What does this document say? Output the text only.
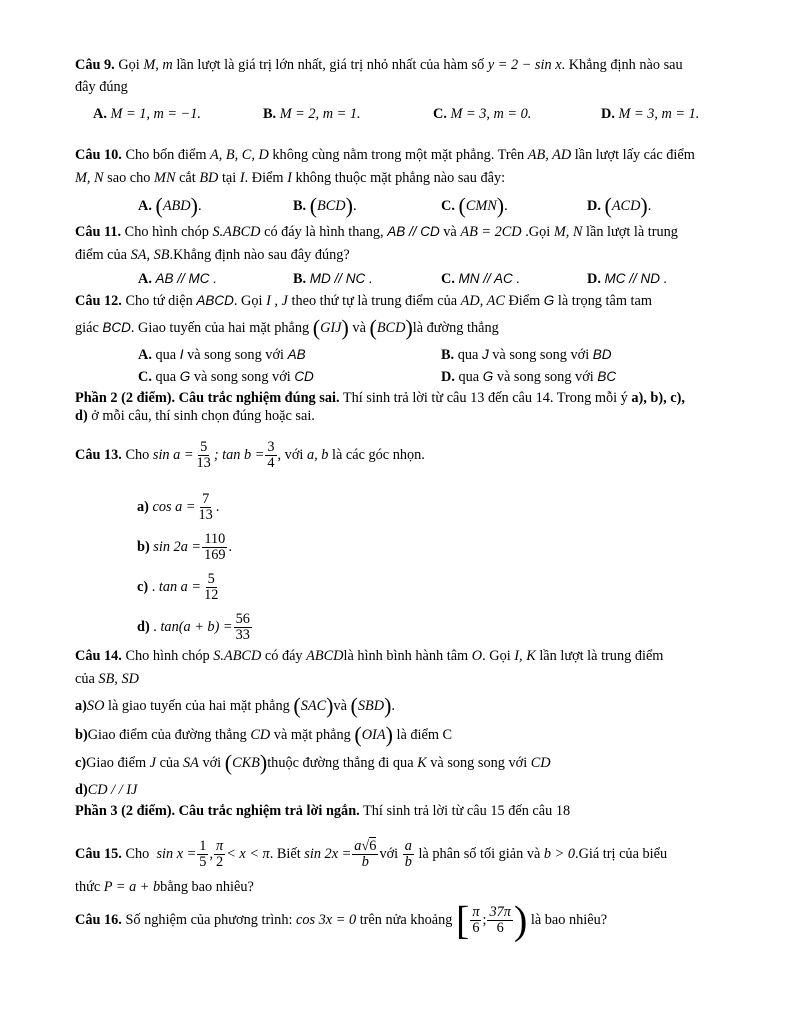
Câu 9. Gọi M, m lần lượt là giá trị lớn nhất, giá trị nhỏ nhất của hàm số y = 2 − sin x. Khẳng định nào sau
đây đúng
A. M = 1, m = −1.	B. M = 2, m = 1.	C. M = 3, m = 0.	D. M = 3, m = 1.
Câu 10. Cho bốn điểm A, B, C, D không cùng nằm trong một mặt phẳng. Trên AB, AD lần lượt lấy các điểm
M, N sao cho MN cắt BD tại I. Điểm I không thuộc mặt phẳng nào sau đây:
A. (ABD).	B. (BCD).	C. (CMN).	D. (ACD).
Câu 11. Cho hình chóp S.ABCD có đáy là hình thang, AB // CD và AB = 2CD .Gọi M, N lần lượt là trung
điểm của SA, SB.Khẳng định nào sau đây đúng?
A. AB // MC .	B. MD // NC .	C. MN // AC .	D. MC // ND .
Câu 12. Cho tứ diện ABCD. Gọi I , J theo thứ tự là trung điểm của AD, AC Điểm G là trọng tâm tam
giác BCD. Giao tuyến của hai mặt phẳng (GIJ) và (BCD)là đường thẳng
A. qua I và song song với AB	B. qua J và song song với BD
C. qua G và song song với CD	D. qua G và song song với BC
Phần 2 (2 điểm). Câu trắc nghiệm đúng sai. Thí sinh trả lời từ câu 13 đến câu 14. Trong mỗi ý a), b), c),
d) ở mỗi câu, thí sinh chọn đúng hoặc sai.
Câu 13. Cho $\sin a = \frac{5}{13}$ ; $\tan b = \frac{3}{4}$ , với a, b là các góc nhọn.
a) $\cos a = \frac{7}{13}$ .
b) $\sin 2a = \frac{110}{169}$ .
c) . $\tan a = \frac{5}{12}$
d) . $\tan(a + b) = \frac{56}{33}$
Câu 14. Cho hình chóp S.ABCD có đáy ABCDlà hình bình hành tâm O. Gọi I, K lần lượt là trung điểm
của SB, SD
a)SO là giao tuyến của hai mặt phẳng (SAC)và (SBD).
b)Giao điểm của đường thẳng CD và mặt phẳng (OIA) là điểm C
c)Giao điểm J của SA với (CKB)thuộc đường thẳng đi qua K và song song với CD
d)CD / / IJ
Phần 3 (2 điểm). Câu trắc nghiệm trả lời ngắn. Thí sinh trả lời từ câu 15 đến câu 18
Câu 15. Cho $\sin x = \frac{1}{5}$ , $\frac{\pi}{2} < x < \pi$. Biết $\sin 2x = \frac{a√6}{b}$ với $\frac{a}{b}$ là phân số tối giản và b > 0.Giá trị của biểu
thức P = a + bbằng bao nhiêu?
Câu 16. Số nghiệm của phương trình: cos 3x = 0 trên nửa khoảng [ $\frac{\pi}{6}$ ; $\frac{37\pi}{6}$ ) là bao nhiêu?
